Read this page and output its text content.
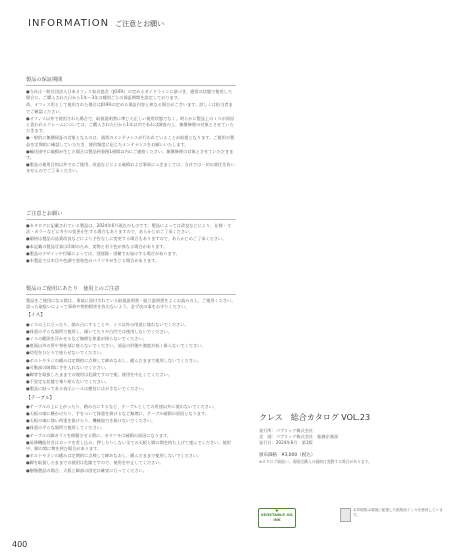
INFORMATION ご注意とお願い
製品の保証期間

●当社は一般社団法人日本オフィス家具協会（JOIFA）の定めるガイドラインに基づき、通常の状態で使用した場合に、ご購入された日から1年〜3年の種別ごとの保証期間を設定しております。

尚、オフィス用として使用された場合はJOIFAの定める保証内容と異なる場合がございます。詳しくは担当者までご確認ください。

●オフィス以外で使用された場合で、取扱説明書に準じた正しい使用状態でなく、明らかに製品上のミスが原因と思われるクレームについては、ご購入された日から1年以内であれば調査の上、無償修理の対象とさせていただきます。

●一般的に無償保証の対象となるのは、通常のメンテナンスが行われていることが前提となります。ご使用の製品を定期的に確認していただき、使用頻度に応じたメンテナンスをお願いいたします。

●輸送途中に破損が生じた場合は製品到着後1週間以内にご連絡ください。無償修理の対象とさせていただきます。

●製品の使用目的以外でのご使用、改造などによる破損および事故につきましては、当社では一切の責任を負いませんのでご了承ください。

ご注意とお願い

●カタログに記載されている製品は、2024年6月現在のものです。製品によっては改良などにより、仕様・寸法・カラーなどに多少の変更が生ずる場合もありますので、あらかじめご了承ください。

●価格は製品の品質改良などにより予告なしに変更する場合もありますので、あらかじめご了承ください。

●本記載の製品写真は印刷のため、実物と若干色が異なる場合があります。

●製品のデザインや付属によっては、別途除・別梱でお届けする場合があります。

●木製品では木目や色調で塗装色のバラツキが生じる場合があります。

製品のご使用にあたり　使用上のご注意

製品をご使用になる際は、事前に添付されている取扱説明書・組立説明書をよくお読みの上、ご使用ください。誤った取扱いによって事故や物的損害を負わないよう、必ず次の事をお守りください。

【イス】

●イスの上に立ったり、踏み台にすることや、イス以外の用途に使わないでください。

●体重の平らな場所で使用し、傾いてたりや凸凹では使用しないでください。

●イスの範囲を浮かせるなど無理な体重が掛らないでください。

●座面以外の所や脊柱部に座らないでください。部品の形態や強度が低く掛らないでください。

●幼児をひとりで座らせないでください。

●ボルトやネジの緩みは定期的に点検して締めなおし、緩んだままで使用しないでください。

●可動部の隙間に手を入れないでください。

●脚等を取扱したままでの使用は危険ですので使、使用を中止してください。

●不安定な状態で乗り座らないでください。

●製品に貼ってある表示シールは絶対にはがさないでください。

【テーブル】

●テーブルの上に上がったり、踏み台にするなど、テーブルとしての用途以外に使わないでください。

●天板の端に腰かけたり、手をついて体重を掛けるなど無理に、テーブル破損の原因となります。

●天板の端に強い荷重を掛けたり、機械加力を掛けないでください。

●体重の平らな場所で使用してください。

●テーブルの脚ガラスを移動させる際に、ガタツキは破損の原因になります。

●昇降機能付きはロックを差し込み、押したりしない全ての天板と脚の間を持ち上げて運んでください。使用中、脚の間に物を挟む場合があります。

●ボルトやネジの緩みは定期的に点検して締めなおし、緩んだままで使用しないでください。

●脚を取扱したままでの使用は危険ですので、使用を中止してください。

●樹脂製品の場合、天板と脚部の固定は確実に行ってください。

クレス　総合カタログ VOL.23
発行所：パブリック株式会社
企　画：パブリック株式会社　総務企画部
発行日：2024年6月　第1版
頒布価格　¥3,000（税込）
※カタログ取扱い、再販売購入の価格は変動する場合があります。
❦
VEGETABLE OIL INK
本印刷物は環境に配慮した植物油インキを使用しています。
400
